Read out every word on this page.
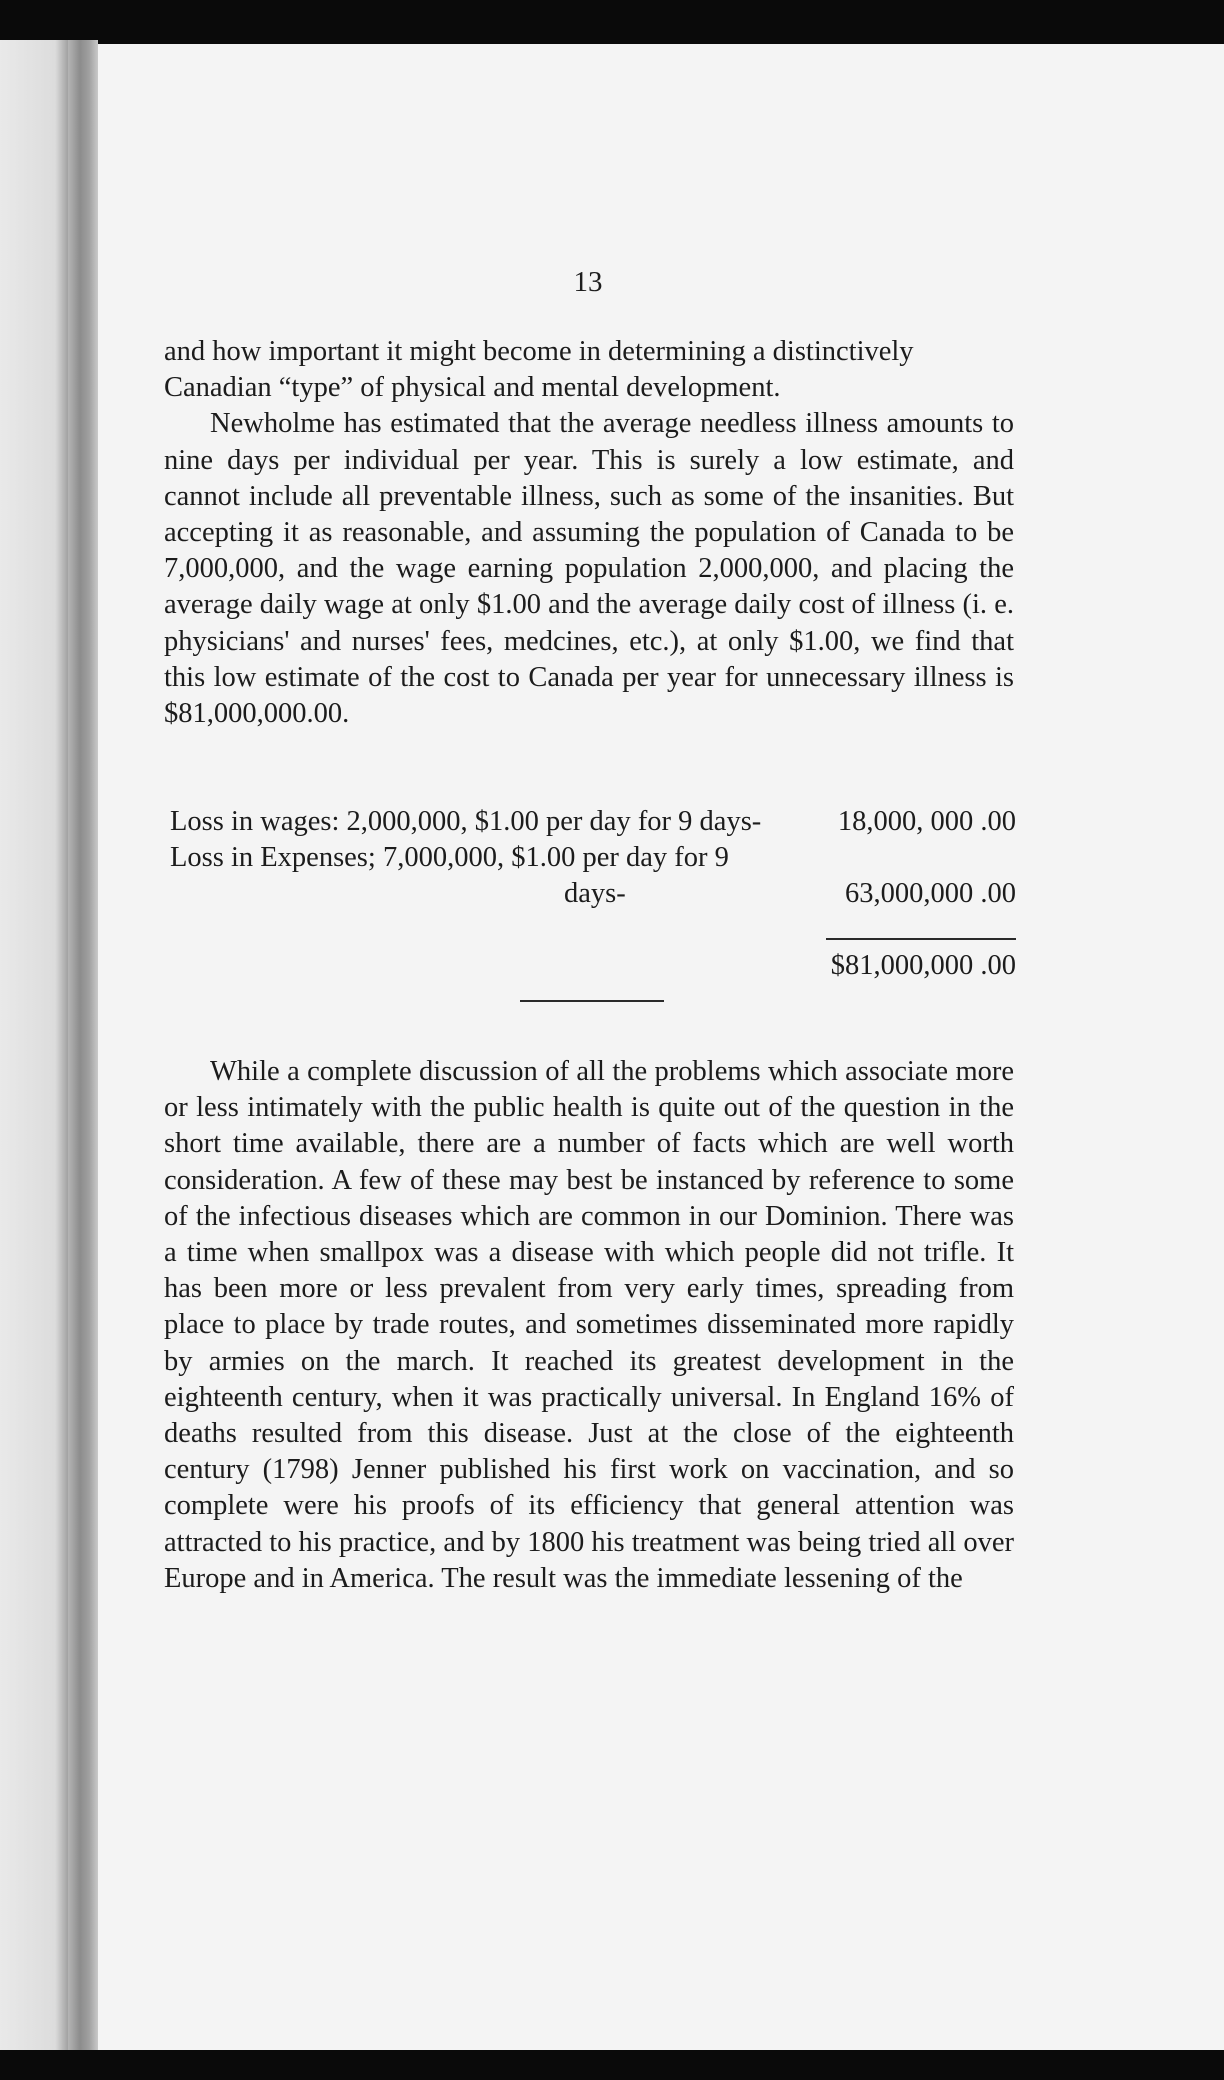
13

and how important it might become in determining a distinctively

Canadian “type” of physical and mental development.

Newholme has estimated that the average needless illness amounts to nine days per individual per year. This is surely a low estimate, and cannot include all preventable illness, such as some of the insanities. But accepting it as reasonable, and assuming the population of Canada to be 7,000,000, and the wage earning population 2,000,000, and placing the average daily wage at only $1.00 and the average daily cost of illness (i. e. physicians' and nurses' fees, medcines, etc.), at only $1.00, we find that this low estimate of the cost to Canada per year for unnecessary illness is $81,000,000.00.

Loss in wages: 2,000,000, $1.00 per day for 9 days-	18,000, 000 .00
Loss in Expenses; 7,000,000, $1.00 per day for 9
days-	63,000,000 .00
$81,000,000 .00

While a complete discussion of all the problems which associate more or less intimately with the public health is quite out of the question in the short time available, there are a number of facts which are well worth consideration. A few of these may best be instanced by reference to some of the infectious diseases which are common in our Dominion. There was a time when smallpox was a disease with which people did not trifle. It has been more or less prevalent from very early times, spreading from place to place by trade routes, and sometimes disseminated more rapidly by armies on the march. It reached its greatest development in the eighteenth century, when it was practically universal. In England 16% of deaths resulted from this disease. Just at the close of the eighteenth century (1798) Jenner published his first work on vaccination, and so complete were his proofs of its efficiency that general attention was attracted to his practice, and by 1800 his treatment was being tried all over Europe and in America. The result was the immediate lessening of the
